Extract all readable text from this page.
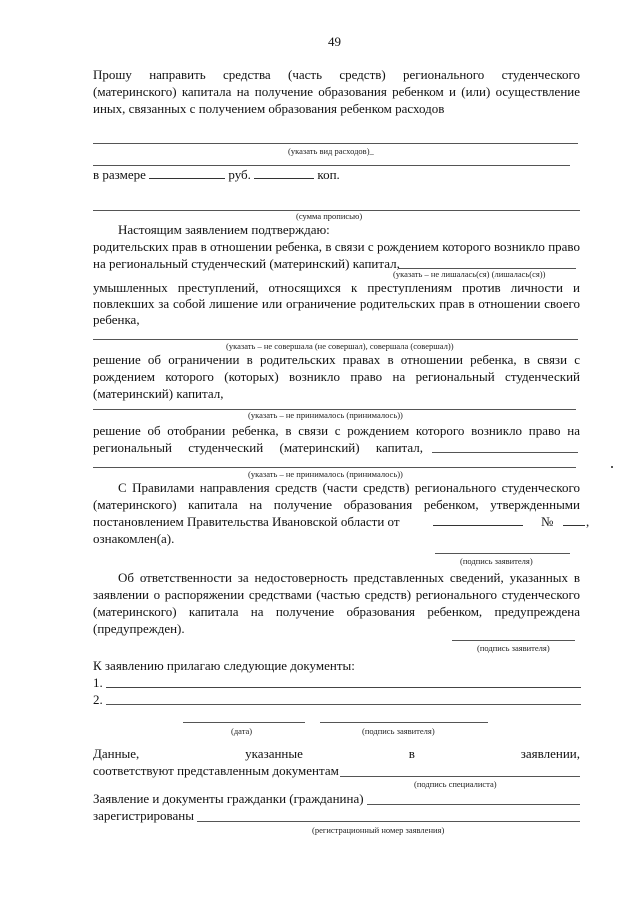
49
Прошу направить средства (часть средств) регионального студенческого
(материнского) капитала на получение образования ребенком и (или) осуществление
иных, связанных с получением образования ребенком расходов
(указать вид расходов)_
в размере	руб.	коп.
(сумма прописью)
Настоящим заявлением подтверждаю:
родительских прав в отношении ребенка, в связи с рождением которого возникло право
на региональный студенческий (материнский) капитал,
(указать – не лишалась(ся) (лишалась(ся))
умышленных преступлений, относящихся к преступлениям против личности и
повлекших за собой лишение или ограничение родительских прав в отношении своего
ребенка,
(указать – не совершала (не совершал), совершала (совершал))
решение об ограничении в родительских правах в отношении ребенка, в связи с
рождением которого (которых) возникло право на региональный студенческий
(материнский) капитал,
(указать – не принималось (принималось))
решение об отобрании ребенка, в связи с рождением которого возникло право на
региональный студенческий (материнский) капитал,
(указать – не принималось (принималось))
С Правилами направления средств (части средств) регионального студенческого
(материнского) капитала на получение образования ребенком, утвержденными
постановлением Правительства Ивановской области от	№	,
ознакомлен(а).
(подпись заявителя)
Об ответственности за недостоверность представленных сведений, указанных в
заявлении о распоряжении средствами (частью средств) регионального студенческого
(материнского) капитала на получение образования ребенком, предупреждена
(предупрежден).
(подпись заявителя)
К заявлению прилагаю следующие документы:
1.
2.
(дата)	(подпись заявителя)
Данные, указанные в заявлении,
соответствуют представленным документам
(подпись специалиста)
Заявление и документы гражданки (гражданина)
зарегистрированы
(регистрационный номер заявления)
